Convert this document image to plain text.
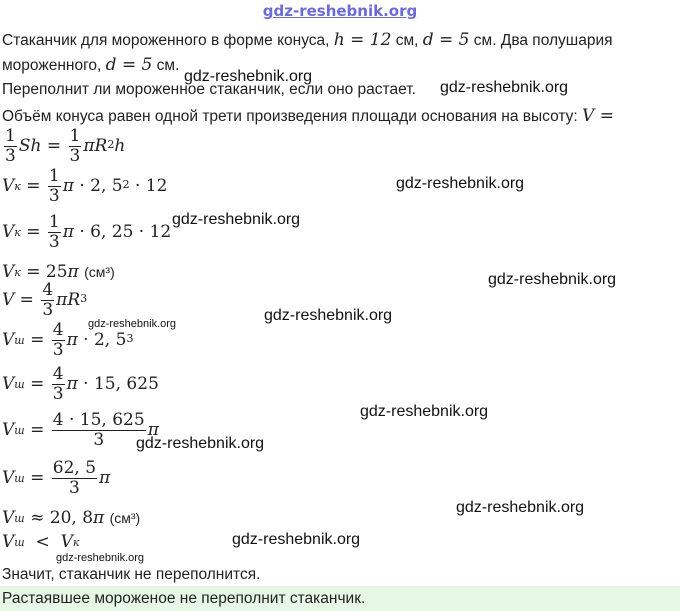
gdz-reshebnik.org
Стаканчик для мороженного в форме конуса, h = 12 см, d = 5 см. Два полушария
мороженного, d = 5 см.
Переполнит ли мороженное стаканчик, если оно растает.
Объём конуса равен одной трети произведения площади основания на высоту: V =
$\frac{1}{3}$ $Sh = \frac{1}{3} \pi R^2$ h
V $к = \frac{1}{3}$ π · 2, $5^2 \cdot 12$
V $к = \frac{1}{3}$ π · 6, 25 · 12
V к = 25 π
(см³)
$V = \frac{4}{3} \pi R^3$
V $ш = \frac{4}{3}$ π · 2, $5^3$
V $ш = \frac{4}{3}$ π · 15, 625
V $ш = \frac{4 \cdot 15, 625}{3}$ π
V $ш = \frac{62, 5}{3}$ π
V ш ≈ 20, 8 π
(см³)
V ш < V к
Значит, стаканчик не переполнится.
Растаявшее мороженое не переполнит стаканчик.
gdz-reshebnik.org
gdz-reshebnik.org
gdz-reshebnik.org
gdz-reshebnik.org
gdz-reshebnik.org
gdz-reshebnik.org
gdz-reshebnik.org
gdz-reshebnik.org
gdz-reshebnik.org
gdz-reshebnik.org
gdz-reshebnik.org
gdz-reshebnik.org
